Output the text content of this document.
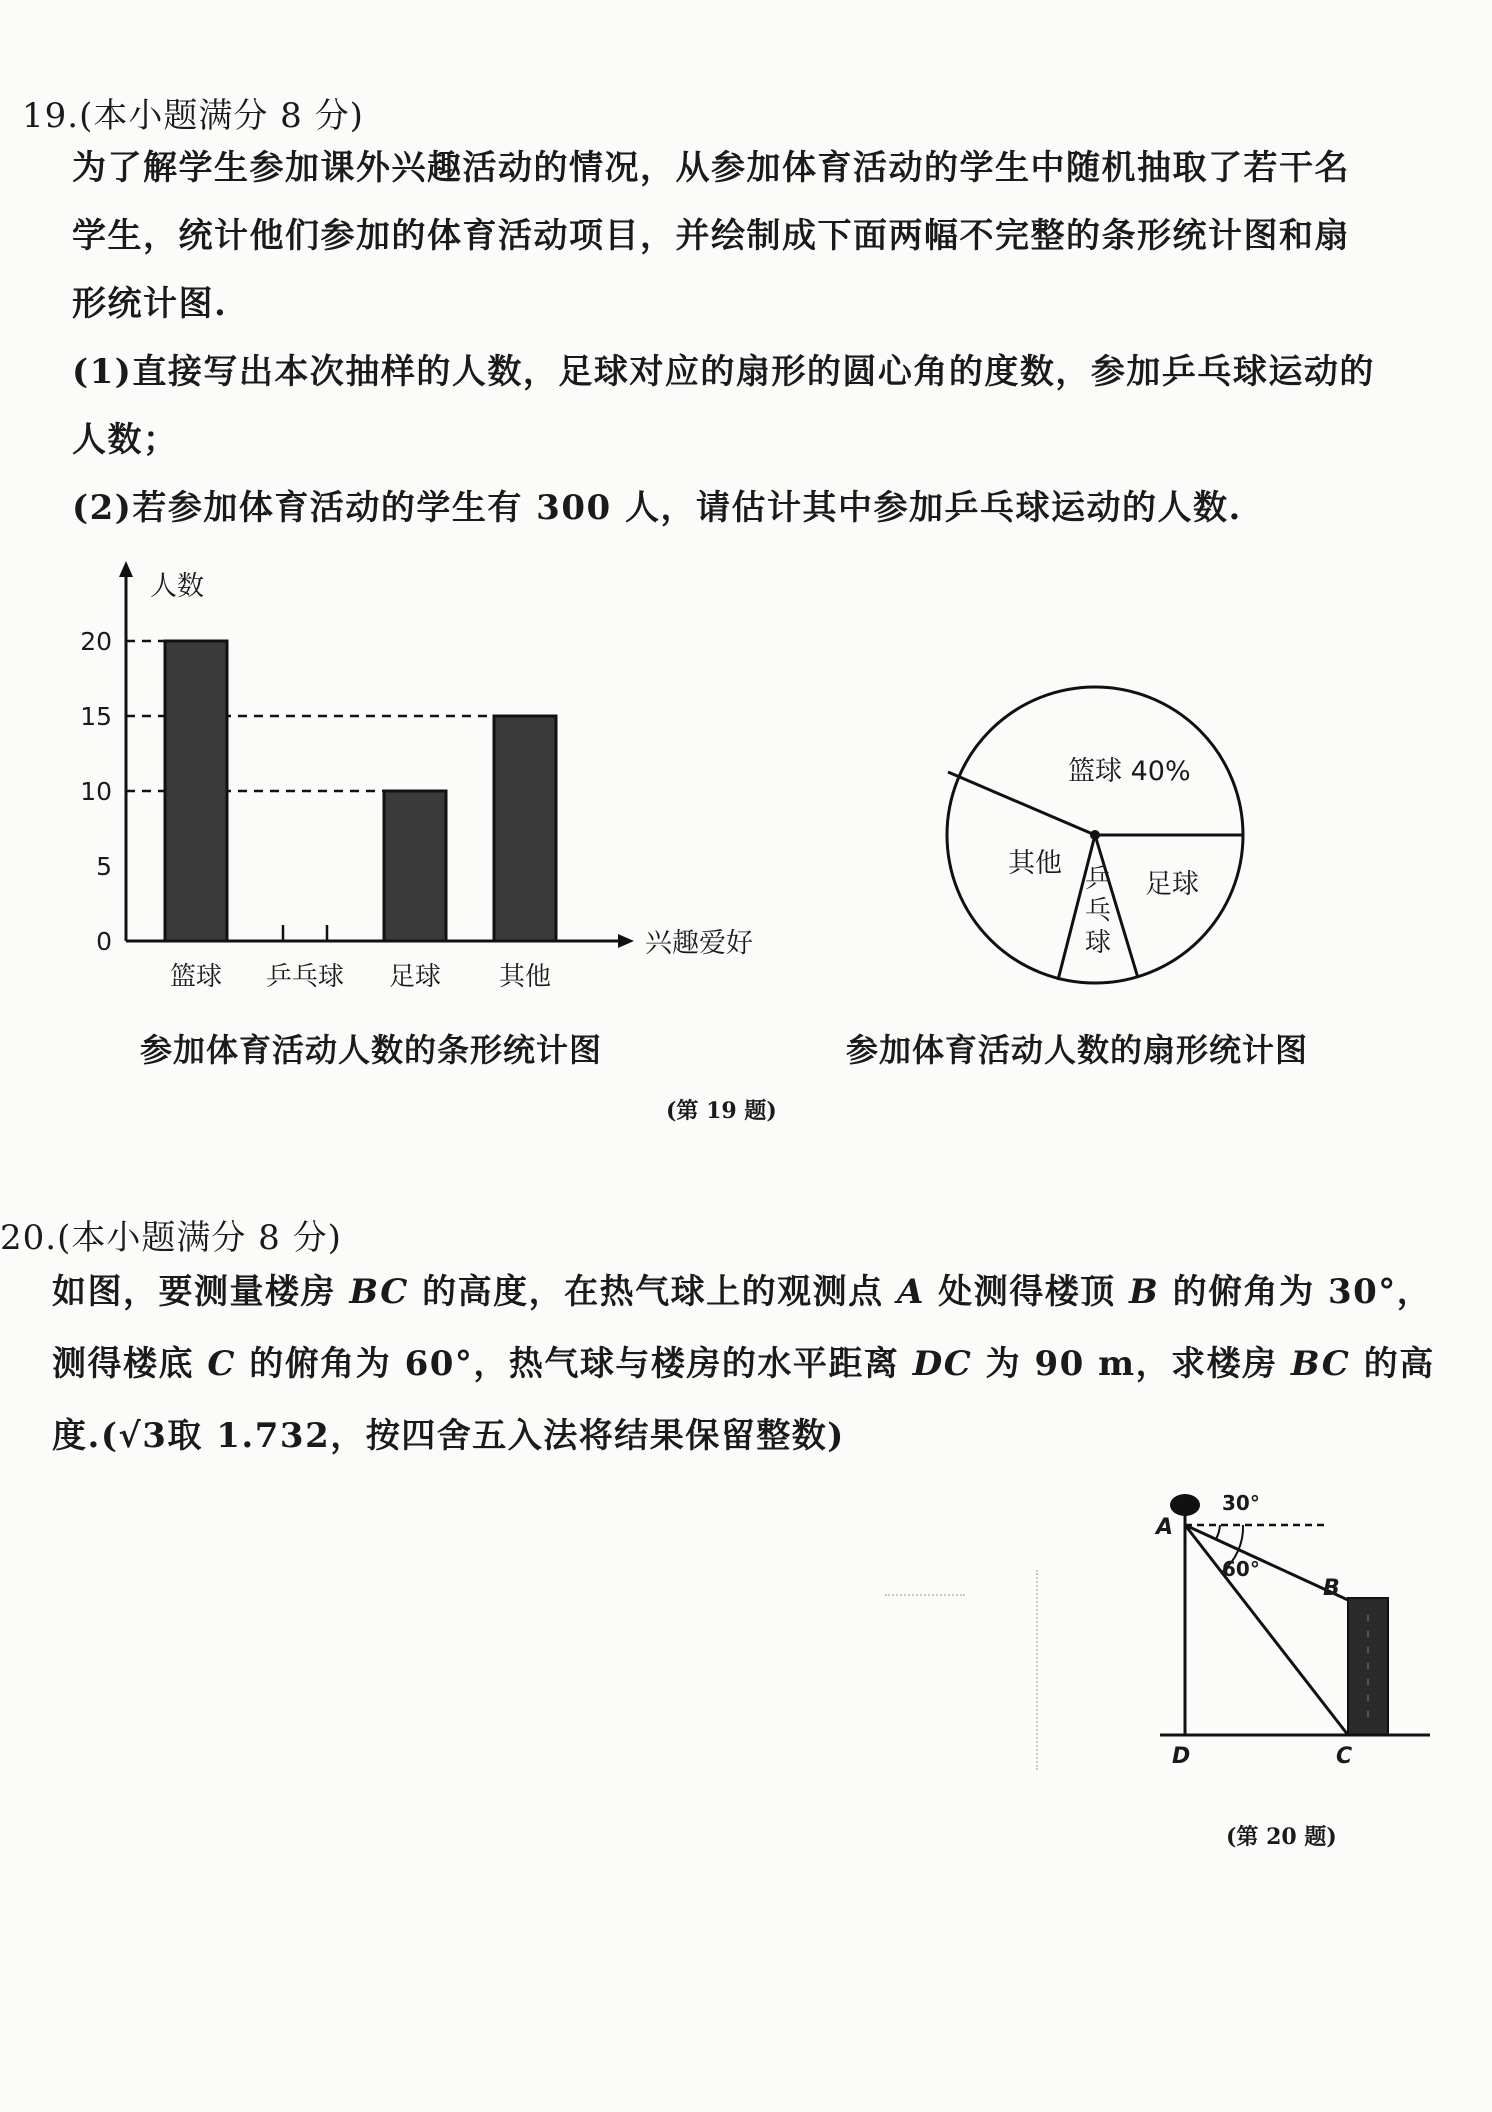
19.(本小题满分 8 分)
为了解学生参加课外兴趣活动的情况，从参加体育活动的学生中随机抽取了若干名
学生，统计他们参加的体育活动项目，并绘制成下面两幅不完整的条形统计图和扇
形统计图.
(1)直接写出本次抽样的人数，足球对应的扇形的圆心角的度数，参加乒乓球运动的
人数；
(2)若参加体育活动的学生有 300 人，请估计其中参加乒乓球运动的人数.
0
5
10
15
20
篮球 乒乓球 足球 其他
人数
兴趣爱好
篮球 40%
其他
足球
乒乓球
参加体育活动人数的条形统计图	参加体育活动人数的扇形统计图
(第 19 题)
20.(本小题满分 8 分)
如图，要测量楼房 BC 的高度，在热气球上的观测点 A 处测得楼顶 B 的俯角为 30°，
测得楼底 C 的俯角为 60°，热气球与楼房的水平距离 DC 为 90 m，求楼房 BC 的高
度.(√3取 1.732，按四舍五入法将结果保留整数)
30°
60°
A
B
D	C
(第 20 题)
